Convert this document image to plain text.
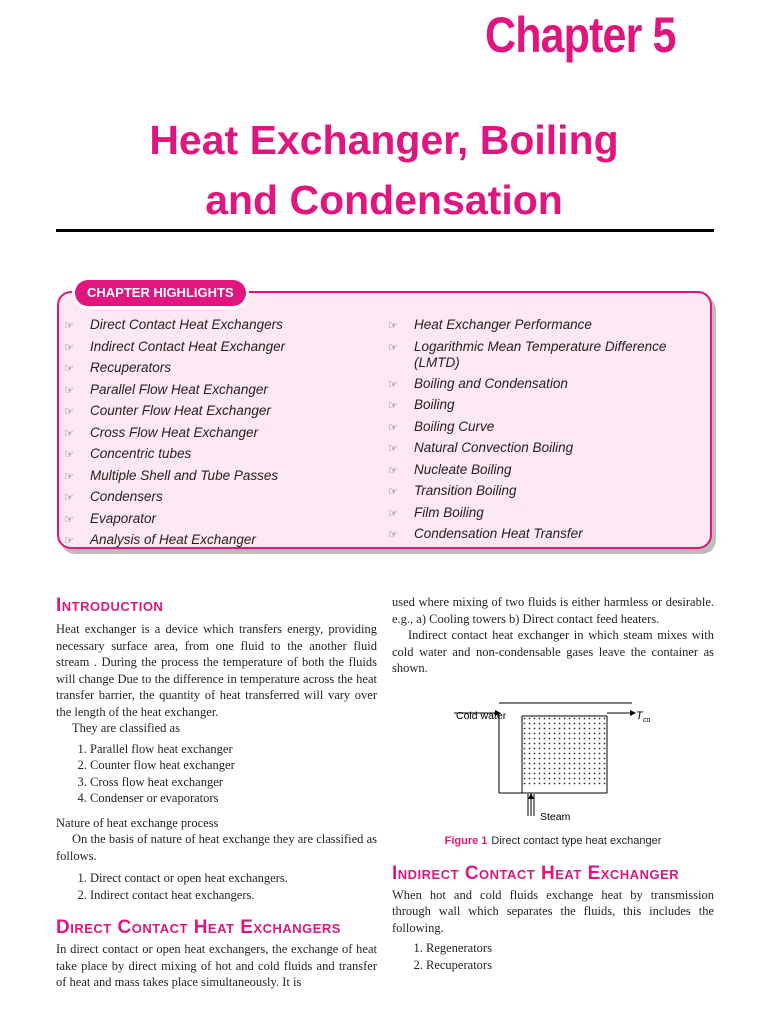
Chapter 5
Heat Exchanger, Boiling
and Condensation
CHAPTER HIGHLIGHTS
☞	Direct Contact Heat Exchangers
☞	Indirect Contact Heat Exchanger
☞	Recuperators
☞	Parallel Flow Heat Exchanger
☞	Counter Flow Heat Exchanger
☞	Cross Flow Heat Exchanger
☞	Concentric tubes
☞	Multiple Shell and Tube Passes
☞	Condensers
☞	Evaporator
☞	Analysis of Heat Exchanger
☞	Heat Exchanger Performance
☞	Logarithmic Mean Temperature Difference (LMTD)
☞	Boiling and Condensation
☞	Boiling
☞	Boiling Curve
☞	Natural Convection Boiling
☞	Nucleate Boiling
☞	Transition Boiling
☞	Film Boiling
☞	Condensation Heat Transfer
Introduction

Heat exchanger is a device which transfers energy, providing necessary surface area, from one fluid to the another fluid stream . During the process the temperature of both the fluids will change Due to the difference in temperature across the heat transfer barrier, the quantity of heat transferred will vary over the length of the heat exchanger.

They are classified as

1. Parallel flow heat exchanger
2. Counter flow heat exchanger
3. Cross flow heat exchanger
4. Condenser or evaporators

Nature of heat exchange process

On the basis of nature of heat exchange they are classified as follows.

1. Direct contact or open heat exchangers.
2. Indirect contact heat exchangers.
Direct Contact Heat Exchangers

In direct contact or open heat exchangers, the exchange of heat take place by direct mixing of hot and cold fluids and transfer of heat and mass takes place simultaneously. It is

used where mixing of two fluids is either harmless or desirable. e.g., a) Cooling towers b) Direct contact feed heaters.

Indirect contact heat exchanger in which steam mixes with cold water and non-condensable gases leave the container as shown.

Cold water	T co
Steam
Figure 1 Direct contact type heat exchanger
Indirect Contact Heat Exchanger

When hot and cold fluids exchange heat by transmission through wall which separates the fluids, this includes the following.

1. Regenerators
2. Recuperators
